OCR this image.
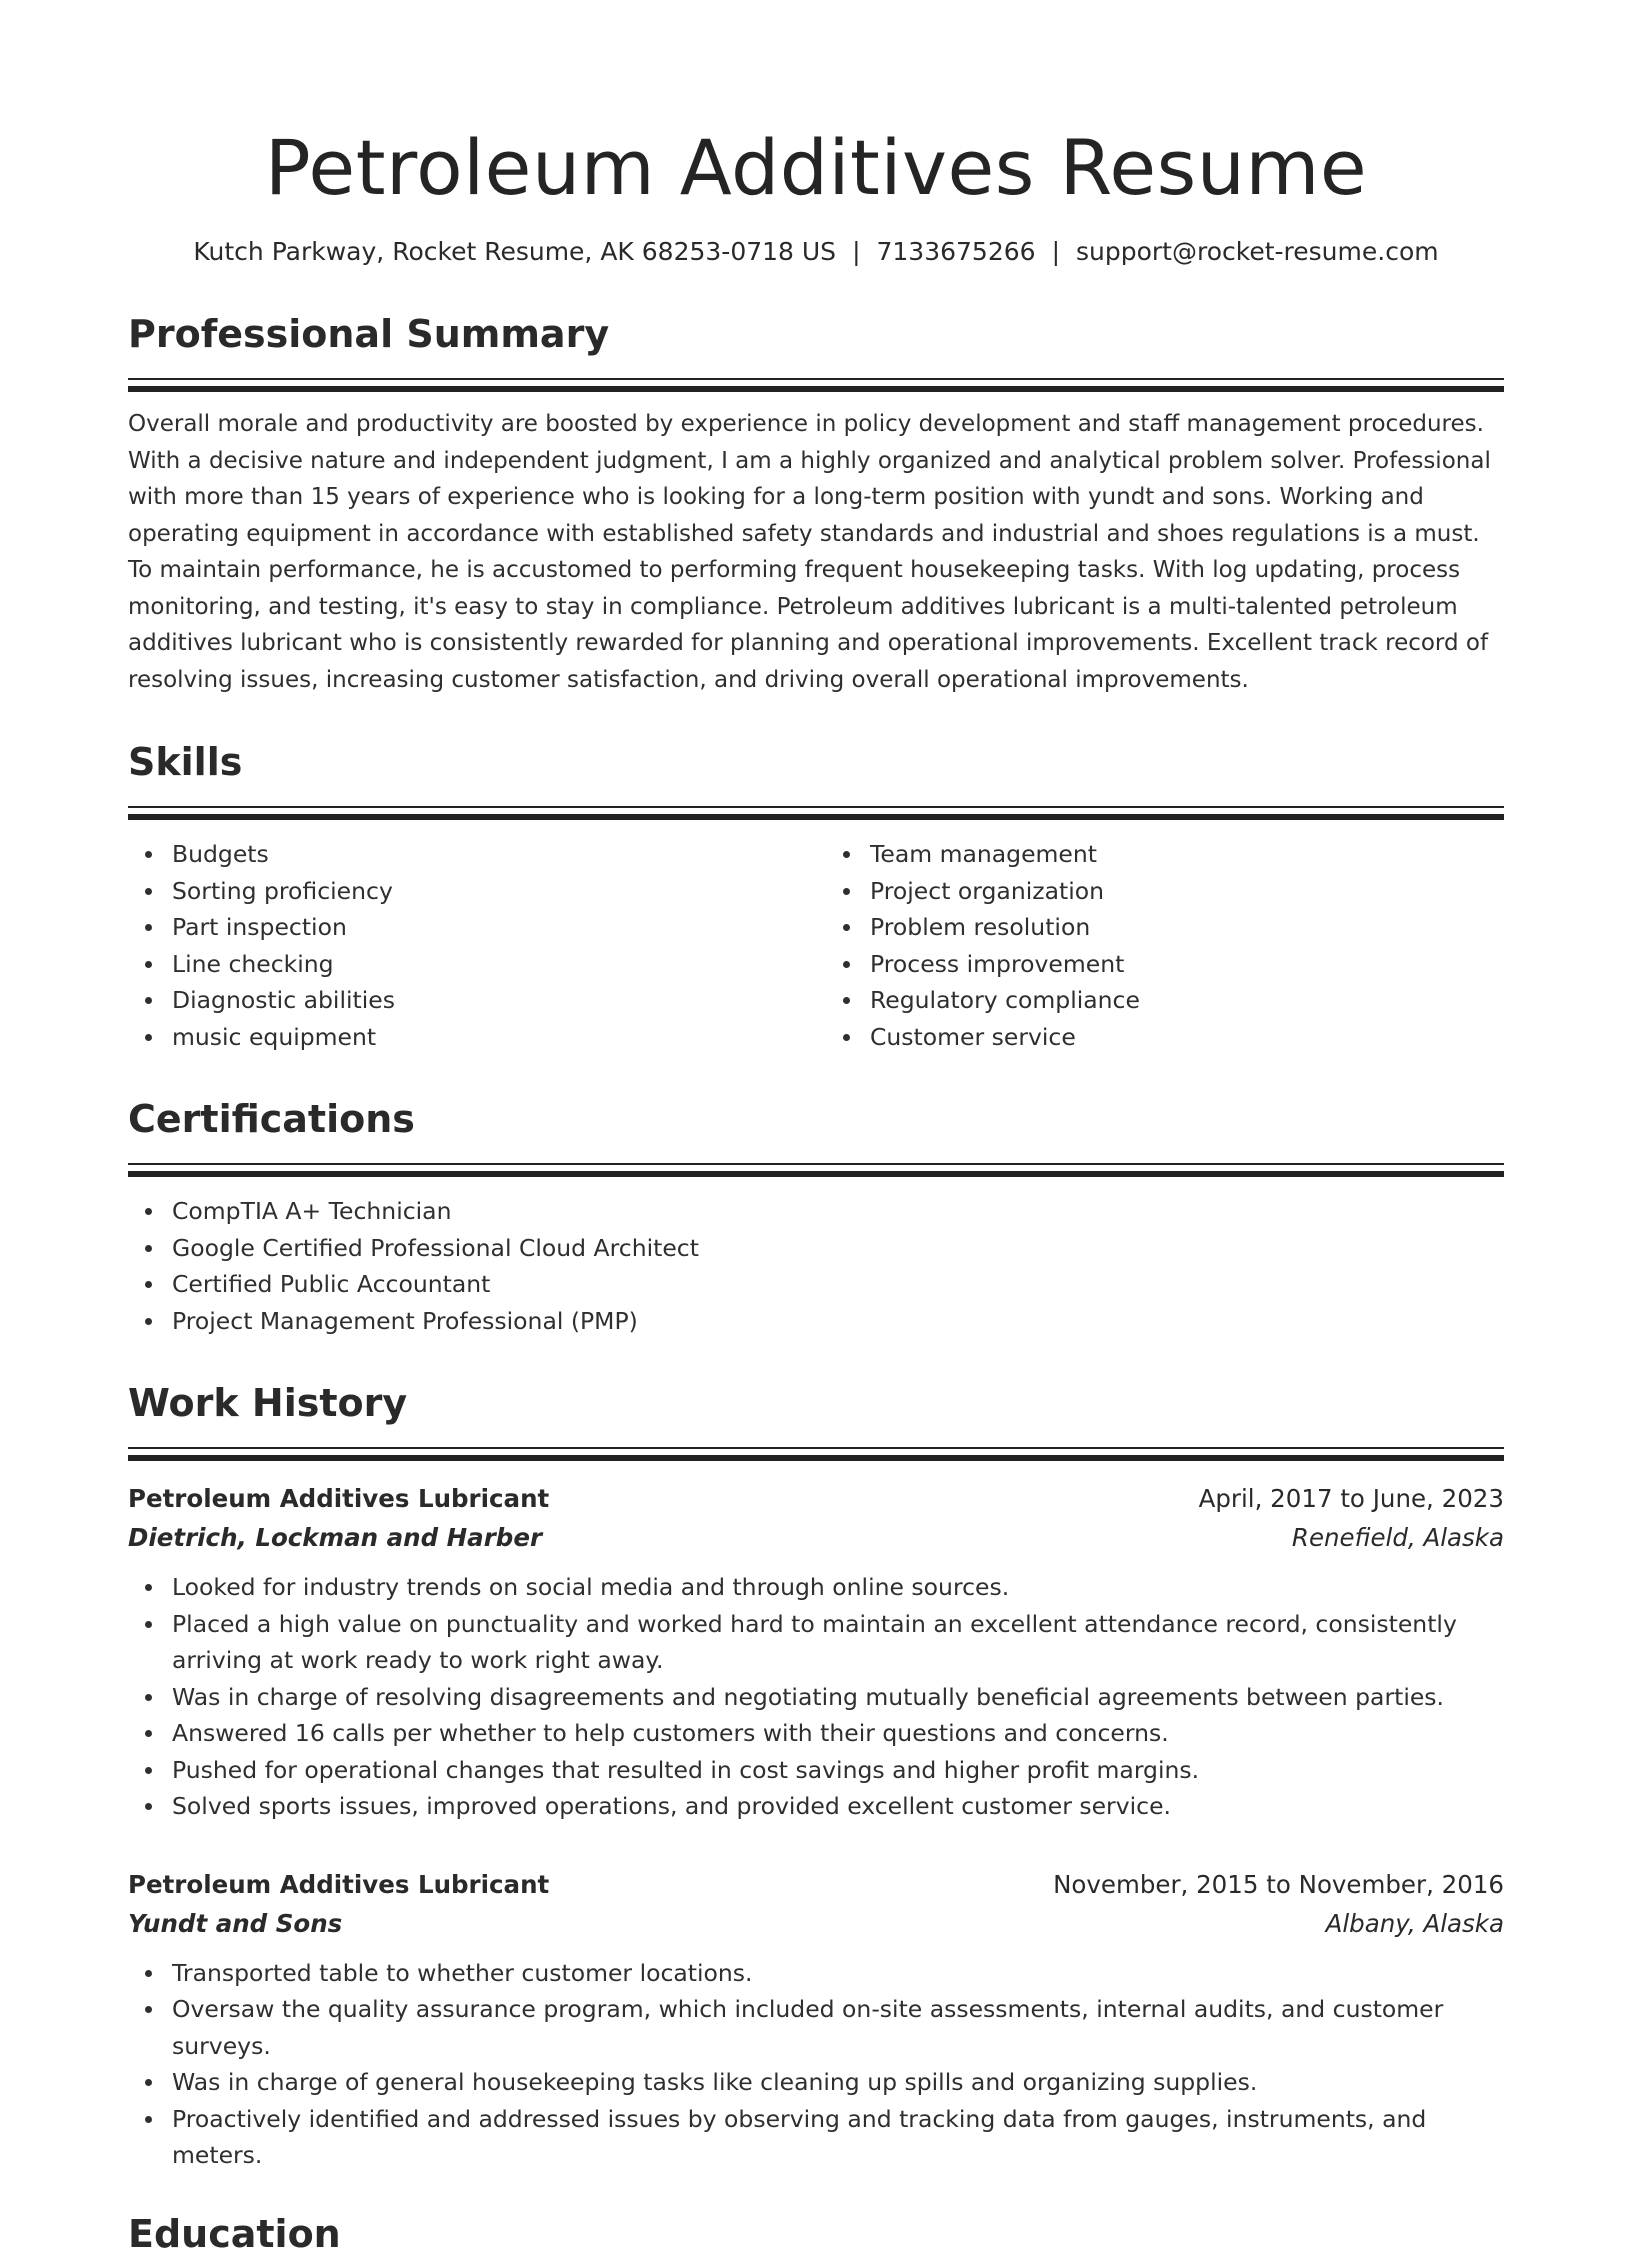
Petroleum Additives Resume
Kutch Parkway, Rocket Resume, AK 68253-0718 US | 7133675266 | support@rocket-resume.com
Professional Summary

Overall morale and productivity are boosted by experience in policy development and staff management procedures. With a decisive nature and independent judgment, I am a highly organized and analytical problem solver. Professional with more than 15 years of experience who is looking for a long-term position with yundt and sons. Working and operating equipment in accordance with established safety standards and industrial and shoes regulations is a must. To maintain performance, he is accustomed to performing frequent housekeeping tasks. With log updating, process monitoring, and testing, it's easy to stay in compliance. Petroleum additives lubricant is a multi-talented petroleum additives lubricant who is consistently rewarded for planning and operational improvements. Excellent track record of resolving issues, increasing customer satisfaction, and driving overall operational improvements.

Skills
Budgets
Sorting proficiency
Part inspection
Line checking
Diagnostic abilities
music equipment
Team management
Project organization
Problem resolution
Process improvement
Regulatory compliance
Customer service
Certifications
CompTIA A+ Technician
Google Certified Professional Cloud Architect
Certified Public Accountant
Project Management Professional (PMP)
Work History
Petroleum Additives Lubricant	April, 2017 to June, 2023
Dietrich, Lockman and Harber	Renefield, Alaska
Looked for industry trends on social media and through online sources.
Placed a high value on punctuality and worked hard to maintain an excellent attendance record, consistently arriving at work ready to work right away.
Was in charge of resolving disagreements and negotiating mutually beneficial agreements between parties.
Answered 16 calls per whether to help customers with their questions and concerns.
Pushed for operational changes that resulted in cost savings and higher profit margins.
Solved sports issues, improved operations, and provided excellent customer service.
Petroleum Additives Lubricant	November, 2015 to November, 2016
Yundt and Sons	Albany, Alaska
Transported table to whether customer locations.
Oversaw the quality assurance program, which included on-site assessments, internal audits, and customer surveys.
Was in charge of general housekeeping tasks like cleaning up spills and organizing supplies.
Proactively identified and addressed issues by observing and tracking data from gauges, instruments, and meters.
Education
